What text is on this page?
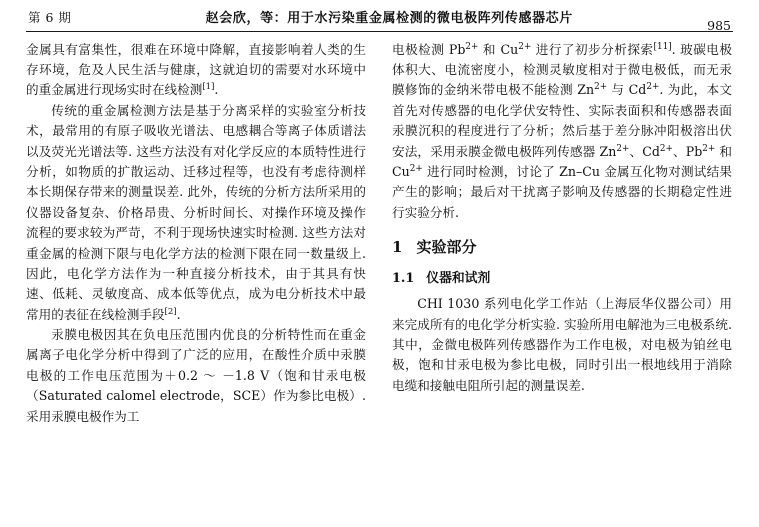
第 6 期	赵会欣，等：用于水污染重金属检测的微电极阵列传感器芯片	985

金属具有富集性，很难在环境中降解，直接影响着人类的生存环境，危及人民生活与健康，这就迫切的需要对水环境中的重金属进行现场实时在线检测[1].

传统的重金属检测方法是基于分离采样的实验室分析技术，最常用的有原子吸收光谱法、电感耦合等离子体质谱法以及荧光光谱法等. 这些方法没有对化学反应的本质特性进行分析，如物质的扩散运动、迁移过程等，也没有考虑待测样本长期保存带来的测量误差. 此外，传统的分析方法所采用的仪器设备复杂、价格昂贵、分析时间长、对操作环境及操作流程的要求较为严苛，不利于现场快速实时检测. 这些方法对重金属的检测下限与电化学方法的检测下限在同一数量级上. 因此，电化学方法作为一种直接分析技术，由于其具有快速、低耗、灵敏度高、成本低等优点，成为电分析技术中最常用的表征在线检测手段[2].

汞膜电极因其在负电压范围内优良的分析特性而在重金属离子电化学分析中得到了广泛的应用，在酸性介质中汞膜电极的工作电压范围为＋0.2 ～ －1.8 V（饱和甘汞电极（Saturated calomel electrode，SCE）作为参比电极）. 采用汞膜电极作为工

电极检测 $Pb^{2+}$ 和 $Cu^{2+}$ 进行了初步分析探索[11]. 玻碳电极体积大、电流密度小，检测灵敏度相对于微电极低，而无汞膜修饰的金纳米带电极不能检测 $Zn^{2+}$ 与 $Cd^{2+}$. 为此，本文首先对传感器的电化学伏安特性、实际表面积和传感器表面汞膜沉积的程度进行了分析；然后基于差分脉冲阳极溶出伏安法，采用汞膜金微电极阵列传感器 $Zn^{2+}$、$Cd^{2+}$、$Pb^{2+}$ 和 $Cu^{2+}$ 进行同时检测，讨论了 Zn–Cu 金属互化物对测试结果产生的影响；最后对干扰离子影响及传感器的长期稳定性进行实验分析.

1 实验部分
1.1 仪器和试剂

CHI 1030 系列电化学工作站（上海辰华仪器公司）用来完成所有的电化学分析实验. 实验所用电解池为三电极系统. 其中，金微电极阵列传感器作为工作电极，对电极为铂丝电极，饱和甘汞电极为参比电极，同时引出一根地线用于消除电缆和接触电阻所引起的测量误差.
